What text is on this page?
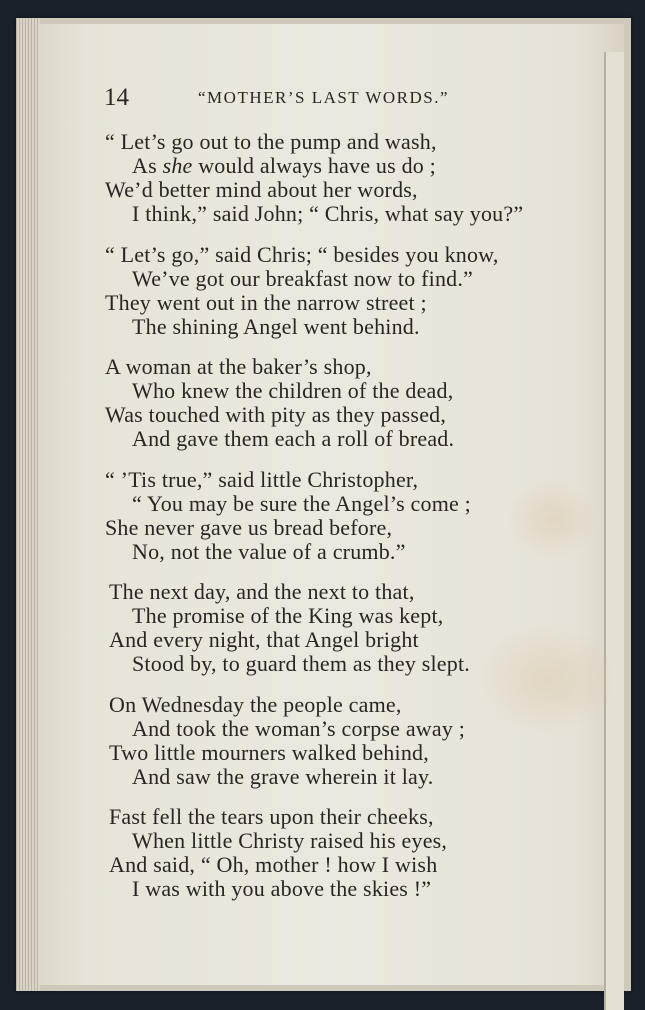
14	“MOTHER’S LAST WORDS.”
“ Let’s go out to the pump and wash,
As she would always have us do ;
We’d better mind about her words,
I think,” said John; “ Chris, what say you?”
“ Let’s go,” said Chris; “ besides you know,
We’ve got our breakfast now to find.”
They went out in the narrow street ;
The shining Angel went behind.
A woman at the baker’s shop,
Who knew the children of the dead,
Was touched with pity as they passed,
And gave them each a roll of bread.
“ ’Tis true,” said little Christopher,
“ You may be sure the Angel’s come ;
She never gave us bread before,
No, not the value of a crumb.”
The next day, and the next to that,
The promise of the King was kept,
And every night, that Angel bright
Stood by, to guard them as they slept.
On Wednesday the people came,
And took the woman’s corpse away ;
Two little mourners walked behind,
And saw the grave wherein it lay.
Fast fell the tears upon their cheeks,
When little Christy raised his eyes,
And said, “ Oh, mother ! how I wish
I was with you above the skies !”
